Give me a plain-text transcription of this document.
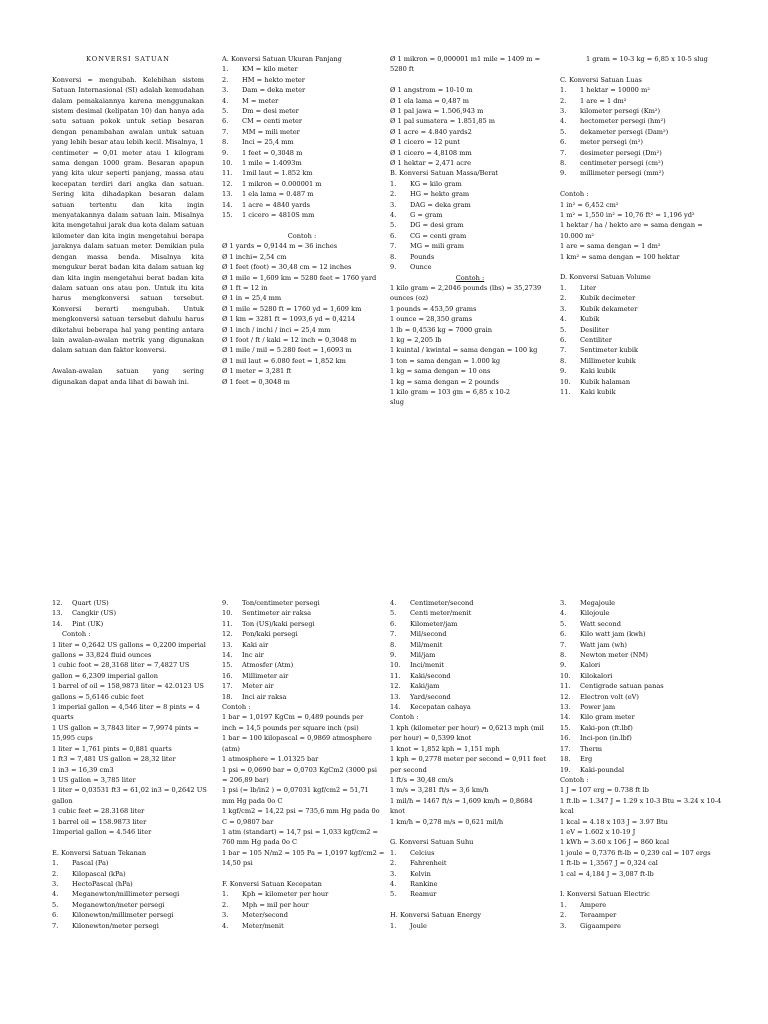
KONVERSI SATUAN
Konversi = mengubah. Kelebihan sistem Satuan Internasional (SI) adalah kemudahan dalam pemakaiannya karena menggunakan sistem desimal (kelipatan 10) dan hanya ada satu satuan pokok untuk setiap besaran dengan penambahan awalan untuk satuan yang lebih besar atau lebih kecil. Misalnya, 1 centimeter = 0,01 meter atau 1 kilogram sama dengan 1000 gram. Besaran apapun yang kita ukur seperti panjang, massa atau kecepatan terdiri dari angka dan satuan. Sering kita dihadapkan besaran dalam satuan tertentu dan kita ingin menyatakannya dalam satuan lain. Misalnya kita mengetahui jarak dua kota dalam satuan kilometer dan kita ingin mengetahui berapa jaraknya dalam satuan meter. Demikian pula dengan massa benda. Misalnya kita mengukur berat badan kita dalam satuan kg dan kita ingin mengetahui berat badan kita dalam satuan ons atau pon. Untuk itu kita harus mengkonversi satuan tersebut. Konversi berarti mengubah. Untuk mengkonversi satuan tersebut dahulu harus diketahui beberapa hal yang penting antara lain awalan-awalan metrik yang digunakan dalam satuan dan faktor konversi.
Awalan-awalan satuan yang sering digunakan dapat anda lihat di bawah ini.
A. Konversi Satuan Ukuran Panjang
1. KM = kilo meter
2. HM = hekto meter
3. Dam = deka meter
4. M = meter
5. Dm = desi meter
6. CM = centi meter
7. MM = mili meter
8. Inci = 25,4 mm
9. 1 feet = 0,3048 m
10. 1 mile = 1.4093m
11. 1mil laut = 1.852 km
12. 1 mikron = 0.000001 m
13. 1 ela lama = 0.487 m
14. 1 acre = 4840 yards
15. 1 cicero = 4810S mm
Contoh :
Ø 1 yards = 0,9144 m = 36 inches
Ø 1 inchi= 2,54 cm
Ø 1 feet (foot) = 30,48 cm = 12 inches
Ø 1 mile = 1,609 km = 5280 feet = 1760 yard
Ø 1 ft = 12 in
Ø 1 in = 25,4 mm
Ø 1 mile = 5280 ft = 1760 yd = 1,609 km
Ø 1 km = 3281 ft = 1093,6 yd = 0,4214
Ø 1 inch / inchi / inci = 25,4 mm
Ø 1 foot / ft / kaki = 12 inch = 0,3048 m
Ø 1 mile / mil = 5.280 feet = 1,6093 m
Ø 1 mil laut = 6.080 feet = 1,852 km
Ø 1 meter = 3,281 ft
Ø 1 feet = 0,3048 m
Ø 1 mikron = 0,000001 m1 mile = 1409 m =
5280 ft
Ø 1 angstrom = 10-10 m
Ø 1 ela lama = 0,487 m
Ø 1 pal jawa = 1.506,943 m
Ø 1 pal sumatera = 1.851,85 m
Ø 1 acre = 4.840 yards2
Ø 1 cicero = 12 punt
Ø 1 cicero = 4,8108 mm
Ø 1 hektar = 2,471 acre
B. Konversi Satuan Massa/Berat
1. KG = kilo gram
2. HG = hekto gram
3. DAG = deka gram
4. G = gram
5. DG = desi gram
6. CG = centi gram
7. MG = mili gram
8. Pounds
9. Ounce
Contoh :
1 kilo gram = 2,2046 pounds (lbs) = 35,2739
ounces (oz)
1 pounds = 453,59 grams
1 ounce = 28,350 grams
1 lb = 0,4536 kg = 7000 grain
1 kg = 2,205 lb
1 kuintal / kwintal = sama dengan = 100 kg
1 ton = sama dengan = 1.000 kg
1 kg = sama dengan = 10 ons
1 kg = sama dengan = 2 pounds
1 kilo gram = 103 gm = 6,85 x 10-2
slug
1 gram = 10-3 kg = 6,85 x 10-5 slug
C. Konversi Satuan Luas
1. 1 hektar = 10000 m²
2. 1 are = 1 dm²
3. kilometer persegi (Km²)
4. hectometer persegi (hm²)
5. dekameter persegi (Dam²)
6. meter persegi (m²)
7. desimeter persegi (Dm²)
8. centimeter persegi (cm²)
9. millimeter persegi (mm²)
Contoh :
1 in² = 6,452 cm²
1 m² = 1,550 in² = 10,76 ft² = 1,196 yd²
1 hektar / ha / hekto are = sama dengan =
10.000 m²
1 are = sama dengan = 1 dm²
1 km² = sama dengan = 100 hektar
D. Konversi Satuan Volume
1. Liter
2. Kubik decimeter
3. Kubik dekameter
4. Kubik
5. Desiliter
6. Centiliter
7. Sentimeter kubik
8. Millimeter kubik
9. Kaki kubik
10. Kubik halaman
11. Kaki kubik
12. Quart (US)
13. Cangkir (US)
14. Pint (UK)
Contoh :
1 liter = 0,2642 US gallons = 0,2200 imperial
gallons = 33,824 fluid ounces
1 cubic foot = 28,3168 liter = 7,4827 US
gallon = 6,2309 imperial gallon
1 barrel of oil = 158,9873 liter = 42.0123 US
gallons = 5,6146 cubic feet
1 imperial gallon = 4,546 liter = 8 pints = 4
quarts
1 US gallon = 3,7843 liter = 7,9974 pints =
15,995 cups
1 liter = 1,761 pints = 0,881 quarts
1 ft3 = 7,481 US gallon = 28,32 liter
1 in3 = 16,39 cm3
1 US gallon = 3,785 liter
1 liter = 0,03531 ft3 = 61,02 in3 = 0,2642 US
gallon
1 cubic feet = 28.3168 liter
1 barrel oil = 158.9873 liter
1imperial gallon = 4.546 liter
E. Konversi Satuan Tekanan
1. Pascal (Pa)
2. Kilopascal (kPa)
3. HectoPascal (hPa)
4. Meganewton/millimeter persegi
5. Meganewton/meter persegi
6. Kilonewton/millimeter persegi
7. Kilonewton/meter persegi
9. Ton/centimeter persegi
10. Sentimeter air raksa
11. Ton (US)/kaki persegi
12. Pon/kaki persegi
13. Kaki air
14. Inc air
15. Atmosfer (Atm)
16. Millimeter air
17. Meter air
18. Inci air raksa
Contoh :
1 bar = 1,0197 KgCm = 0,489 pounds per
inch = 14,5 pounds per square inch (psi)
1 bar = 100 kilopascal = 0,9869 atmosphere
(atm)
1 atmosphere = 1.01325 bar
1 psi = 0,0690 bar = 0,0703 KgCm2 (3000 psi
= 206,89 bar)
1 psi (= lb/in2 ) = 0,07031 kgf/cm2 = 51,71
mm Hg pada 0o C
1 kgf/cm2 = 14,22 psi = 735,6 mm Hg pada 0o
C = 0,9807 bar
1 atm (standart) = 14,7 psi = 1,033 kgf/cm2 =
760 mm Hg pada 0o C
1 bar = 105 N/m2 = 105 Pa = 1,0197 kgf/cm2 =
14,50 psi
F. Konversi Satuan Kecepatan
1. Kph = kilometer per hour
2. Mph = mil per hour
3. Meter/second
4. Meter/menit
4. Centimeter/second
5. Centi meter/menit
6. Kilometer/jam
7. Mil/second
8. Mil/menit
9. Mil/jam
10. Inci/menit
11. Kaki/second
12. Kaki/jam
13. Yard/second
14. Kecepatan cahaya
Contoh :
1 kph (kilometer per hour) = 0,6213 mph (mil
per hour) = 0,5399 knot
1 knot = 1,852 kph = 1,151 mph
1 kph = 0,2778 meter per second = 0,911 feet
per second
1 ft/s = 30,48 cm/s
1 m/s = 3,281 ft/s = 3,6 km/h
1 mil/h = 1467 ft/s = 1,609 km/h = 0,8684
knot
1 km/h = 0,278 m/s = 0,621 mil/h
G. Konversi Satuan Suhu
1. Celcius
2. Fahrenheit
3. Kelvin
4. Rankine
5. Reamur
H. Konversi Satuan Energy
1. Joule
3. Megajoule
4. Kilojoule
5. Watt second
6. Kilo watt jam (kwh)
7. Watt jam (wh)
8. Newton meter (NM)
9. Kalori
10. Kilokalori
11. Centigrade satuan panas
12. Electron volt (eV)
13. Power jam
14. Kilo gram meter
15. Kaki-pon (ft.lbf)
16. Inci-pon (in.lbf)
17. Therm
18. Erg
19. Kaki-poundal
Contoh :
1 J = 107 erg = 0.738 ft lb
1 ft.lb = 1.347 J = 1.29 x 10-3 Btu = 3.24 x 10-4
kcal
1 kcal = 4.18 x 103 J = 3.97 Btu
1 eV = 1.602 x 10-19 J
1 kWh = 3.60 x 106 J = 860 kcal
1 joule = 0,7376 ft-lb = 0,239 cal = 107 ergs
1 ft-lb = 1,3567 J = 0,324 cal
1 cal = 4,184 J = 3,087 ft-lb
I. Konversi Satuan Electric
1. Ampere
2. Teraamper
3. Gigaampere
